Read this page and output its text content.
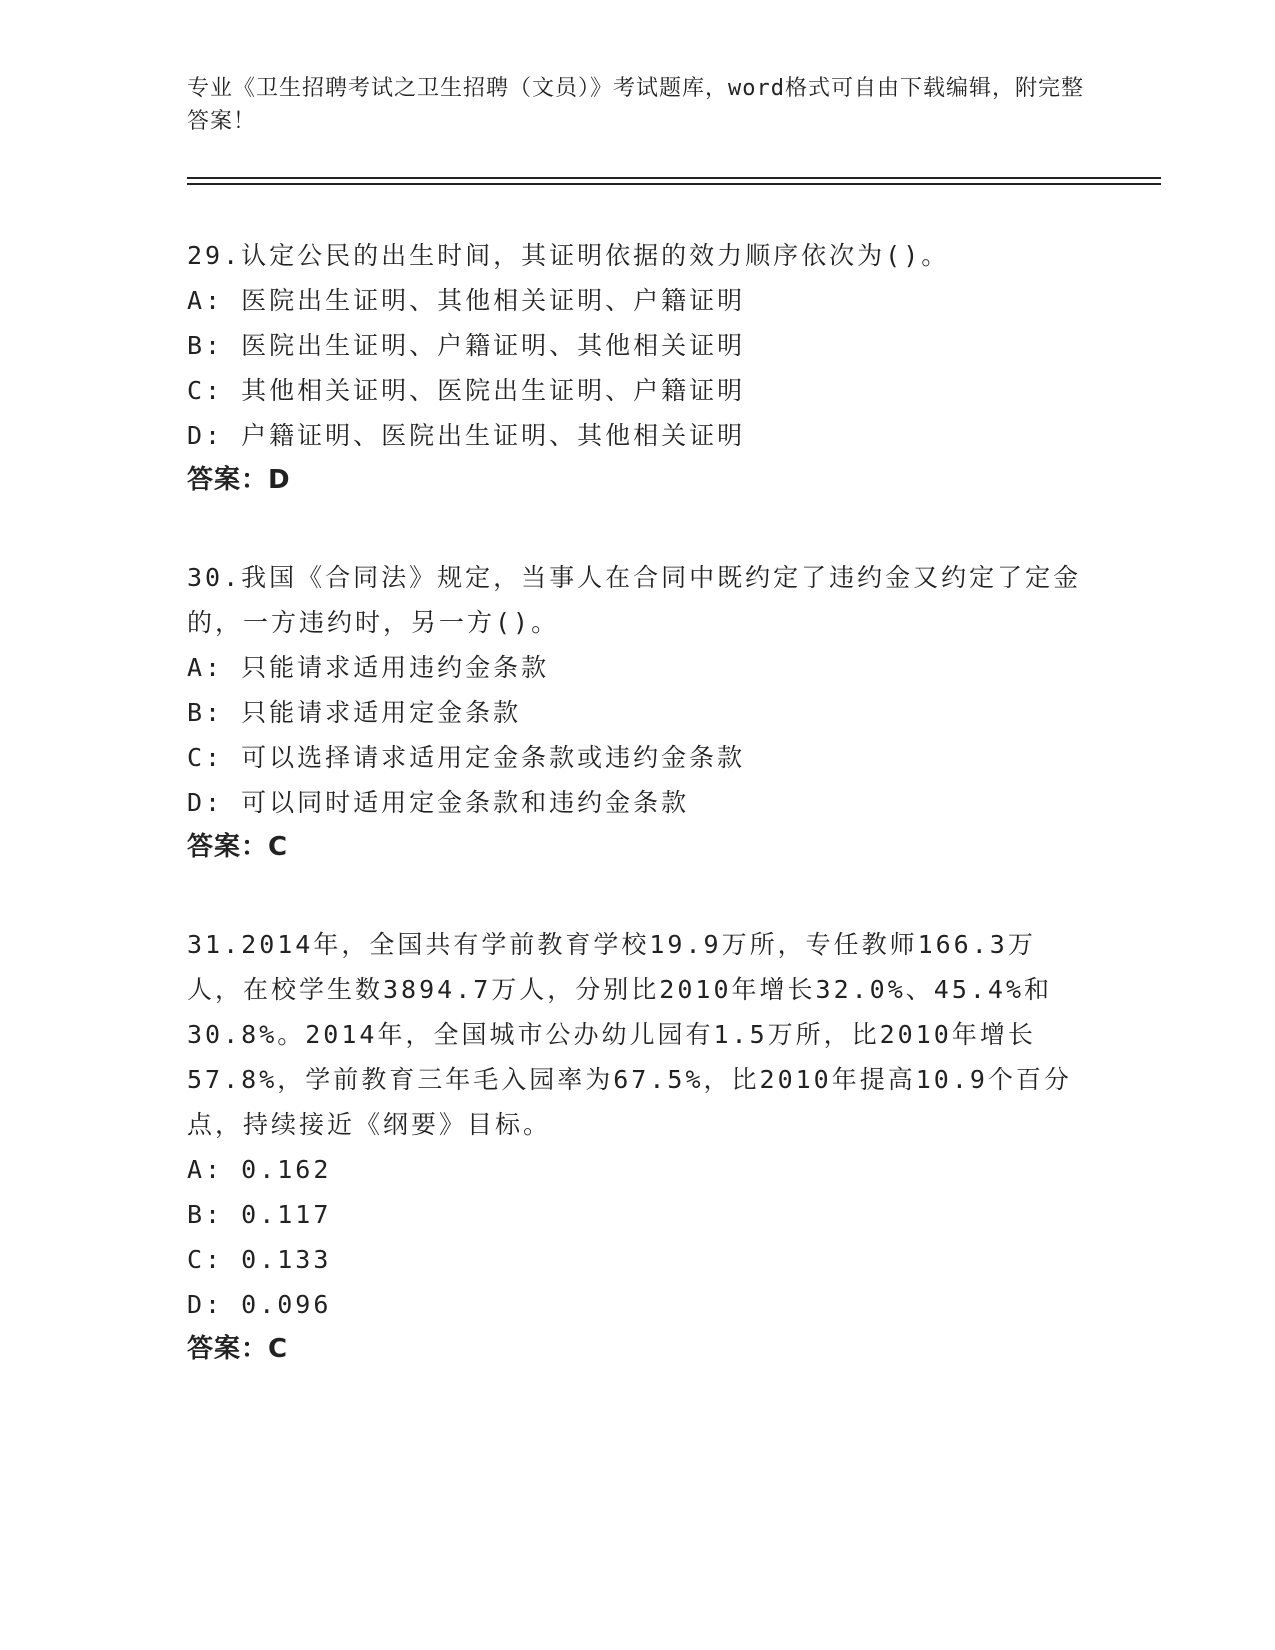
专业《卫生招聘考试之卫生招聘（文员）》考试题库，word格式可自由下载编辑，附完整答案！
29.认定公民的出生时间，其证明依据的效力顺序依次为()。
A: 医院出生证明、其他相关证明、户籍证明
B: 医院出生证明、户籍证明、其他相关证明
C: 其他相关证明、医院出生证明、户籍证明
D: 户籍证明、医院出生证明、其他相关证明
答案：D
30.我国《合同法》规定，当事人在合同中既约定了违约金又约定了定金的，一方违约时，另一方()。
A: 只能请求适用违约金条款
B: 只能请求适用定金条款
C: 可以选择请求适用定金条款或违约金条款
D: 可以同时适用定金条款和违约金条款
答案：C
31.2014年，全国共有学前教育学校19.9万所，专任教师166.3万人，在校学生数3894.7万人，分别比2010年增长32.0%、45.4%和30.8%。2014年，全国城市公办幼儿园有1.5万所，比2010年增长57.8%，学前教育三年毛入园率为67.5%，比2010年提高10.9个百分点，持续接近《纲要》目标。
A: 0.162
B: 0.117
C: 0.133
D: 0.096
答案：C
